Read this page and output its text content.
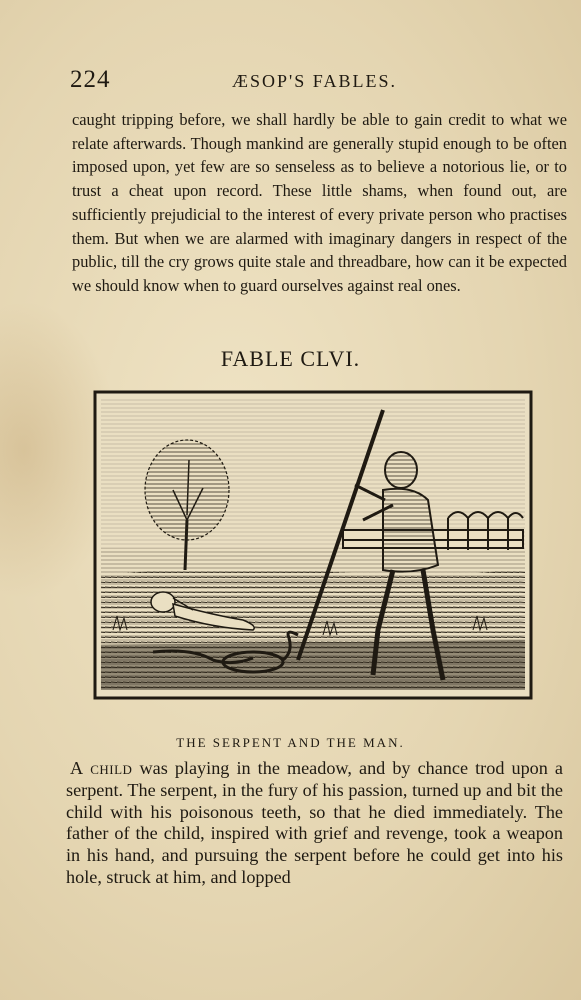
224	ÆSOP'S FABLES.

caught tripping before, we shall hardly be able to gain credit to what we relate afterwards. Though mankind are generally stupid enough to be often imposed upon, yet few are so senseless as to believe a notorious lie, or to trust a cheat upon record. These little shams, when found out, are sufficiently prejudicial to the interest of every private person who practises them. But when we are alarmed with imaginary dangers in respect of the public, till the cry grows quite stale and threadbare, how can it be expected we should know when to guard ourselves against real ones.

FABLE CLVI.

THE SERPENT AND THE MAN.

A child was playing in the meadow, and by chance trod upon a serpent. The serpent, in the fury of his passion, turned up and bit the child with his poisonous teeth, so that he died immediately. The father of the child, inspired with grief and revenge, took a weapon in his hand, and pursuing the serpent before he could get into his hole, struck at him, and lopped
